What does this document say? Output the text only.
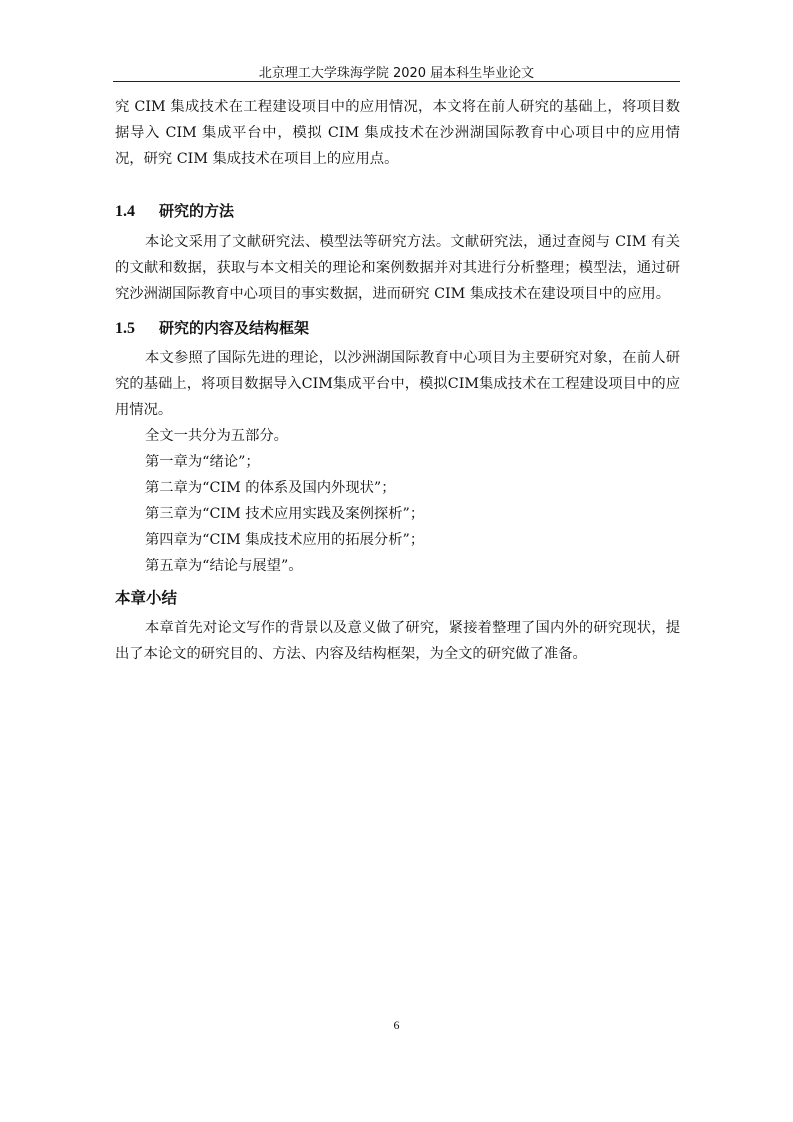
北京理工大学珠海学院 2020 届本科生毕业论文

究 CIM 集成技术在工程建设项目中的应用情况，本文将在前人研究的基础上，将项目数据导入 CIM 集成平台中，模拟 CIM 集成技术在沙洲湖国际教育中心项目中的应用情况，研究 CIM 集成技术在项目上的应用点。

1.4 研究的方法

本论文采用了文献研究法、模型法等研究方法。文献研究法，通过查阅与 CIM 有关的文献和数据，获取与本文相关的理论和案例数据并对其进行分析整理；模型法，通过研究沙洲湖国际教育中心项目的事实数据，进而研究 CIM 集成技术在建设项目中的应用。

1.5 研究的内容及结构框架

本文参照了国际先进的理论，以沙洲湖国际教育中心项目为主要研究对象，在前人研究的基础上，将项目数据导入CIM集成平台中，模拟CIM集成技术在工程建设项目中的应用情况。

全文一共分为五部分。

第一章为“绪论”；

第二章为“CIM 的体系及国内外现状”；

第三章为“CIM 技术应用实践及案例探析”；

第四章为“CIM 集成技术应用的拓展分析”；

第五章为“结论与展望”。

本章小结

本章首先对论文写作的背景以及意义做了研究，紧接着整理了国内外的研究现状，提出了本论文的研究目的、方法、内容及结构框架，为全文的研究做了准备。

6
